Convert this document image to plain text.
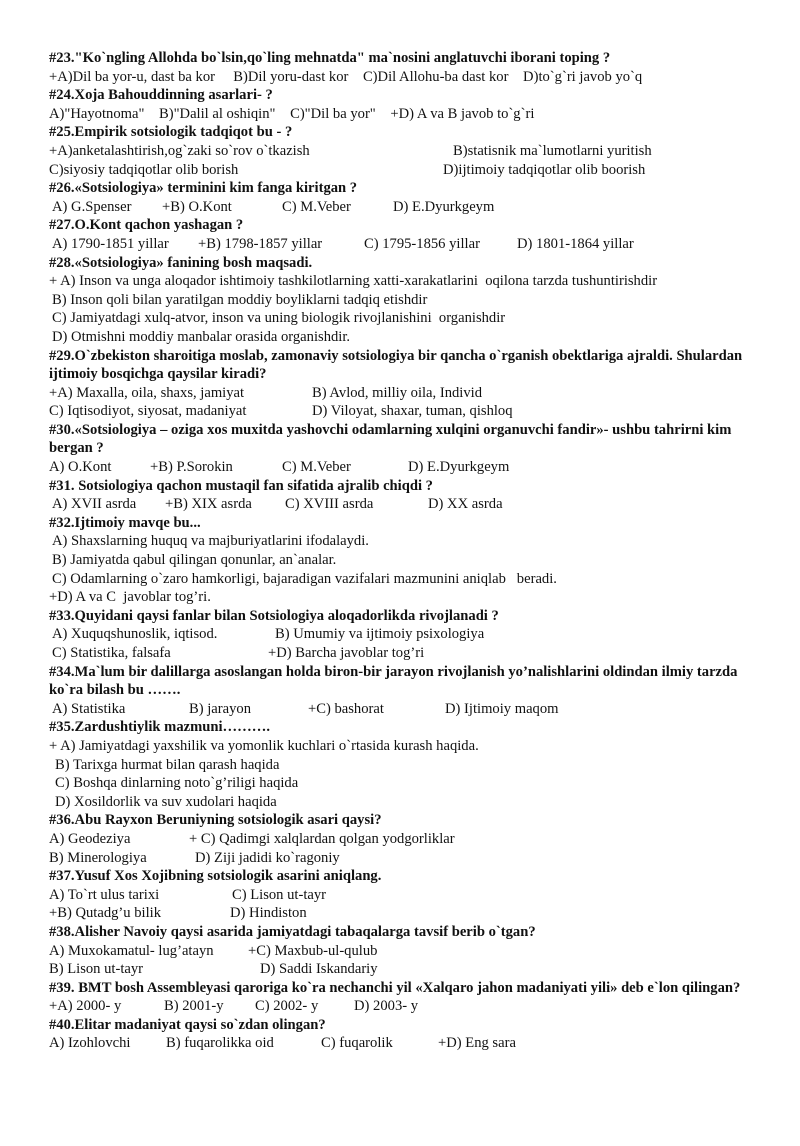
#23."Ko`ngling Allohda bo`lsin,qo`ling mehnatda" ma`nosini anglatuvchi iborani toping ?
+A)Dil ba yor-u, dast ba kor     B)Dil yoru-dast kor    C)Dil Allohu-ba dast kor    D)to`g`ri javob yo`q
#24.Xoja Bahouddinning asarlari- ?
A)"Hayotnoma"    B)"Dalil al oshiqin"    C)"Dil ba yor"    +D) A va B javob to`g`ri
#25.Empirik sotsiologik tadqiqot bu - ?

+A)anketalashtirish,og`zaki so`rov o`tkazish

	B)statisnik ma`lumotlarni yuritish

C)siyosiy tadqiqotlar olib borish

	D)ijtimoiy tadqiqotlar olib boorish

#26.«Sotsiologiya» terminini kim fanga kiritgan ?

A) G.Spenser

+B) O.Kont

	C) M.Veber

	D) E.Dyurkgeym

#27.O.Kont qachon yashagan ?

A) 1790-1851 yillar

+B) 1798-1857 yillar

	C) 1795-1856 yillar

	D) 1801-1864 yillar

#28.«Sotsiologiya» fanining bosh maqsadi.
+ A) Inson va unga aloqador ishtimoiy tashkilotlarning xatti-xarakatlarini  oqilona tarzda tushuntirishdir
B) Inson qoli bilan yaratilgan moddiy boyliklarni tadqiq etishdir
C) Jamiyatdagi xulq-atvor, inson va uning biologik rivojlanishini  organishdir
D) Otmishni moddiy manbalar orasida organishdir.
#29.O`zbekiston sharoitiga moslab, zamonaviy sotsiologiya bir qancha o`rganish obektlariga ajraldi. Shulardan ijtimoiy bosqichga qaysilar kiradi?

+A) Maxalla, oila, shaxs, jamiyat

	B) Avlod, milliy oila, Individ

C) Iqtisodiyot, siyosat, madaniyat

	D) Viloyat, shaxar, tuman, qishloq

#30.«Sotsiologiya – oziga xos muxitda yashovchi odamlarning xulqini organuvchi fandir»- ushbu tahrirni kim bergan ?

A) O.Kont

	+B) P.Sorokin

	C) M.Veber

	D) E.Dyurkgeym

#31. Sotsiologiya qachon mustaqil fan sifatida ajralib chiqdi ?

A) XVII asrda

+B) XIX asrda

C) XVIII asrda

	D) XX asrda

#32.Ijtimoiy mavqe bu...
A) Shaxslarning huquq va majburiyatlarini ifodalaydi.
B) Jamiyatda qabul qilingan qonunlar, an`analar.
C) Odamlarning o`zaro hamkorligi, bajaradigan vazifalari mazmunini aniqlab   beradi.
+D) A va C  javoblar tog’ri.
#33.Quyidani qaysi fanlar bilan Sotsiologiya aloqadorlikda rivojlanadi ?

A) Xuquqshunoslik, iqtisod.

	B) Umumiy va ijtimoiy psixologiya

C) Statistika, falsafa

	+D) Barcha javoblar tog’ri

#34.Ma`lum bir dalillarga asoslangan holda biron-bir jarayon rivojlanish yo’nalishlarini oldindan ilmiy tarzda ko`ra bilash bu …….

A) Statistika

	B) jarayon

	+C) bashorat

	D) Ijtimoiy maqom

#35.Zardushtiylik mazmuni……….
+ A) Jamiyatdagi yaxshilik va yomonlik kuchlari o`rtasida kurash haqida.
B) Tarixga hurmat bilan qarash haqida
C) Boshqa dinlarning noto`g’riligi haqida
D) Xosildorlik va suv xudolari haqida
#36.Abu Rayxon Beruniyning sotsiologik asari qaysi?

A) Geodeziya

	+ C) Qadimgi xalqlardan qolgan yodgorliklar

B) Minerologiya

	D) Ziji jadidi ko`ragoniy

#37.Yusuf Xos Xojibning sotsiologik asarini aniqlang.

A) To`rt ulus tarixi

	C) Lison ut-tayr

+B) Qutadg’u bilik

	D) Hindiston

#38.Alisher Navoiy qaysi asarida jamiyatdagi tabaqalarga tavsif berib o`tgan?

A) Muxokamatul- lug’atayn

+C) Maxbub-ul-qulub

B) Lison ut-tayr

	D) Saddi Iskandariy

#39. BMT bosh Assembleyasi qaroriga ko`ra nechanchi yil «Xalqaro jahon madaniyati yili» deb e`lon qilingan?

+A) 2000- y

	B) 2001-y

C) 2002- y

D) 2003- y

#40.Elitar madaniyat qaysi so`zdan olingan?

A) Izohlovchi

B) fuqarolikka oid

	C) fuqarolik

	+D) Eng sara
